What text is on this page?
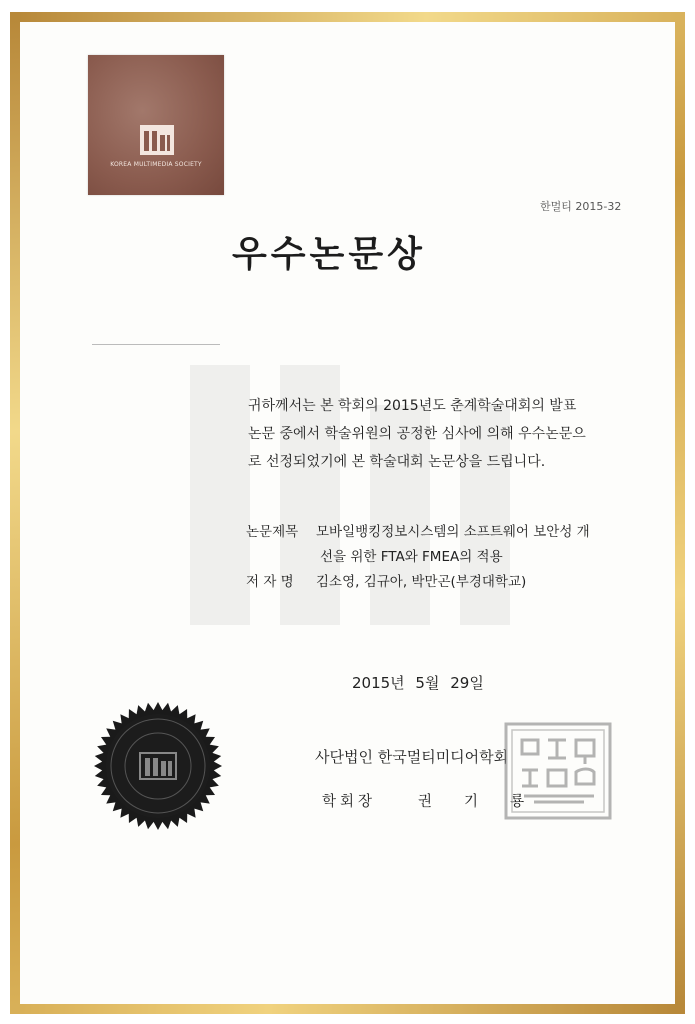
KOREA MULTIMEDIA SOCIETY
한멀티 2015-32
우수논문상
귀하께서는 본 학회의 2015년도 춘계학술대회의 발표 논문 중에서 학술위원의 공정한 심사에 의해 우수논문으로 선정되었기에 본 학술대회 논문상을 드립니다.
논문제목 모바일뱅킹정보시스템의 소프트웨어 보안성 개
선을 위한 FTA와 FMEA의 적용
저 자 명 김소영, 김규아, 박만곤(부경대학교)
2015년 5월 29일
사단법인 한국멀티미디어학회
학회장	권 기 룡
